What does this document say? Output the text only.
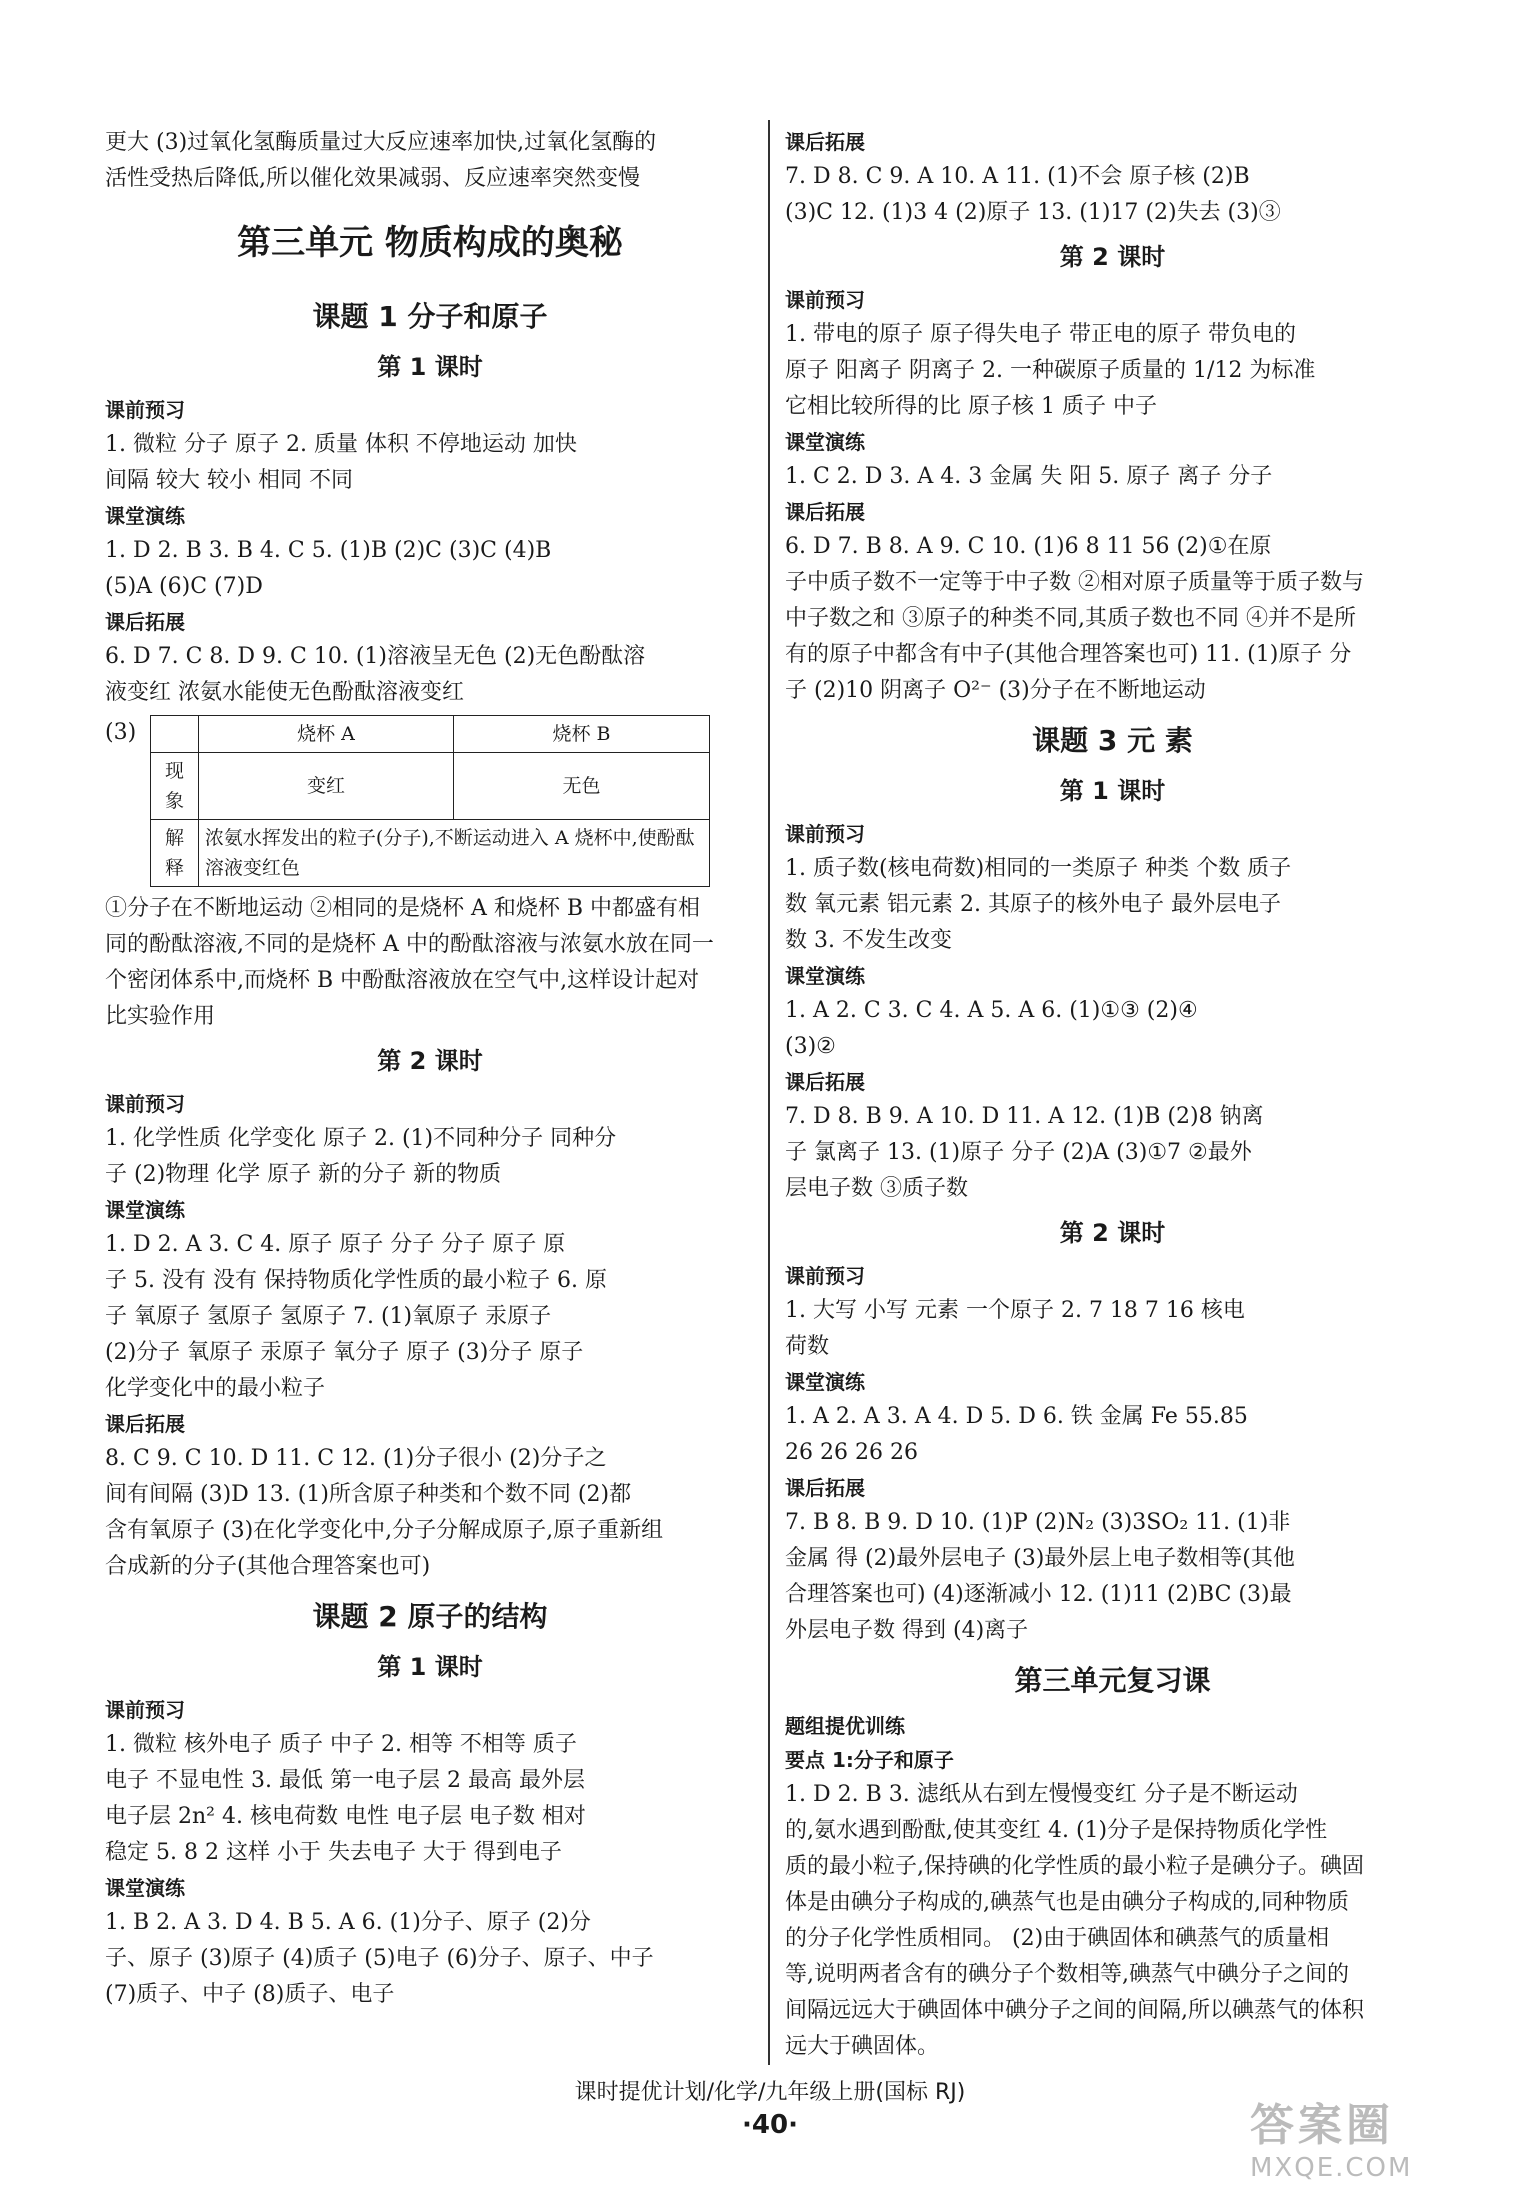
更大 (3)过氧化氢酶质量过大反应速率加快,过氧化氢酶的
活性受热后降低,所以催化效果减弱、反应速率突然变慢
第三单元 物质构成的奥秘
课题 1 分子和原子
第 1 课时
课前预习
1. 微粒 分子 原子 2. 质量 体积 不停地运动 加快
间隔 较大 较小 相同 不同
课堂演练
1. D 2. B 3. B 4. C 5. (1)B (2)C (3)C (4)B
(5)A (6)C (7)D
课后拓展
6. D 7. C 8. D 9. C 10. (1)溶液呈无色 (2)无色酚酞溶
液变红 浓氨水能使无色酚酞溶液变红
(3)
		烧杯 A	烧杯 B
现象	变红	无色
解释	浓氨水挥发出的粒子(分子),不断运动进入 A 烧杯中,使酚酞溶液变红色	
①分子在不断地运动 ②相同的是烧杯 A 和烧杯 B 中都盛有相
同的酚酞溶液,不同的是烧杯 A 中的酚酞溶液与浓氨水放在同一
个密闭体系中,而烧杯 B 中酚酞溶液放在空气中,这样设计起对
比实验作用
第 2 课时
课前预习
1. 化学性质 化学变化 原子 2. (1)不同种分子 同种分
子 (2)物理 化学 原子 新的分子 新的物质
课堂演练
1. D 2. A 3. C 4. 原子 原子 分子 分子 原子 原
子 5. 没有 没有 保持物质化学性质的最小粒子 6. 原
子 氧原子 氢原子 氢原子 7. (1)氧原子 汞原子
(2)分子 氧原子 汞原子 氧分子 原子 (3)分子 原子
化学变化中的最小粒子
课后拓展
8. C 9. C 10. D 11. C 12. (1)分子很小 (2)分子之
间有间隔 (3)D 13. (1)所含原子种类和个数不同 (2)都
含有氧原子 (3)在化学变化中,分子分解成原子,原子重新组
合成新的分子(其他合理答案也可)
课题 2 原子的结构
第 1 课时
课前预习
1. 微粒 核外电子 质子 中子 2. 相等 不相等 质子
电子 不显电性 3. 最低 第一电子层 2 最高 最外层
电子层 2n² 4. 核电荷数 电性 电子层 电子数 相对
稳定 5. 8 2 这样 小于 失去电子 大于 得到电子
课堂演练
1. B 2. A 3. D 4. B 5. A 6. (1)分子、原子 (2)分
子、原子 (3)原子 (4)质子 (5)电子 (6)分子、原子、中子
(7)质子、中子 (8)质子、电子
课后拓展
7. D 8. C 9. A 10. A 11. (1)不会 原子核 (2)B
(3)C 12. (1)3 4 (2)原子 13. (1)17 (2)失去 (3)③
第 2 课时
课前预习
1. 带电的原子 原子得失电子 带正电的原子 带负电的
原子 阳离子 阴离子 2. 一种碳原子质量的 1/12 为标准
它相比较所得的比 原子核 1 质子 中子
课堂演练
1. C 2. D 3. A 4. 3 金属 失 阳 5. 原子 离子 分子
课后拓展
6. D 7. B 8. A 9. C 10. (1)6 8 11 56 (2)①在原
子中质子数不一定等于中子数 ②相对原子质量等于质子数与
中子数之和 ③原子的种类不同,其质子数也不同 ④并不是所
有的原子中都含有中子(其他合理答案也可) 11. (1)原子 分
子 (2)10 阴离子 O²⁻ (3)分子在不断地运动
课题 3 元 素
第 1 课时
课前预习
1. 质子数(核电荷数)相同的一类原子 种类 个数 质子
数 氧元素 铝元素 2. 其原子的核外电子 最外层电子
数 3. 不发生改变
课堂演练
1. A 2. C 3. C 4. A 5. A 6. (1)①③ (2)④
(3)②
课后拓展
7. D 8. B 9. A 10. D 11. A 12. (1)B (2)8 钠离
子 氯离子 13. (1)原子 分子 (2)A (3)①7 ②最外
层电子数 ③质子数
第 2 课时
课前预习
1. 大写 小写 元素 一个原子 2. 7 18 7 16 核电
荷数
课堂演练
1. A 2. A 3. A 4. D 5. D 6. 铁 金属 Fe 55.85
26 26 26 26
课后拓展
7. B 8. B 9. D 10. (1)P (2)N₂ (3)3SO₂ 11. (1)非
金属 得 (2)最外层电子 (3)最外层上电子数相等(其他
合理答案也可) (4)逐渐减小 12. (1)11 (2)BC (3)最
外层电子数 得到 (4)离子
第三单元复习课
题组提优训练
要点 1:分子和原子
1. D 2. B 3. 滤纸从右到左慢慢变红 分子是不断运动
的,氨水遇到酚酞,使其变红 4. (1)分子是保持物质化学性
质的最小粒子,保持碘的化学性质的最小粒子是碘分子。碘固
体是由碘分子构成的,碘蒸气也是由碘分子构成的,同种物质
的分子化学性质相同。 (2)由于碘固体和碘蒸气的质量相
等,说明两者含有的碘分子个数相等,碘蒸气中碘分子之间的
间隔远远大于碘固体中碘分子之间的间隔,所以碘蒸气的体积
远大于碘固体。
课时提优计划/化学/九年级上册(国标 RJ)
·40·	答案圈
MXQE.COM
